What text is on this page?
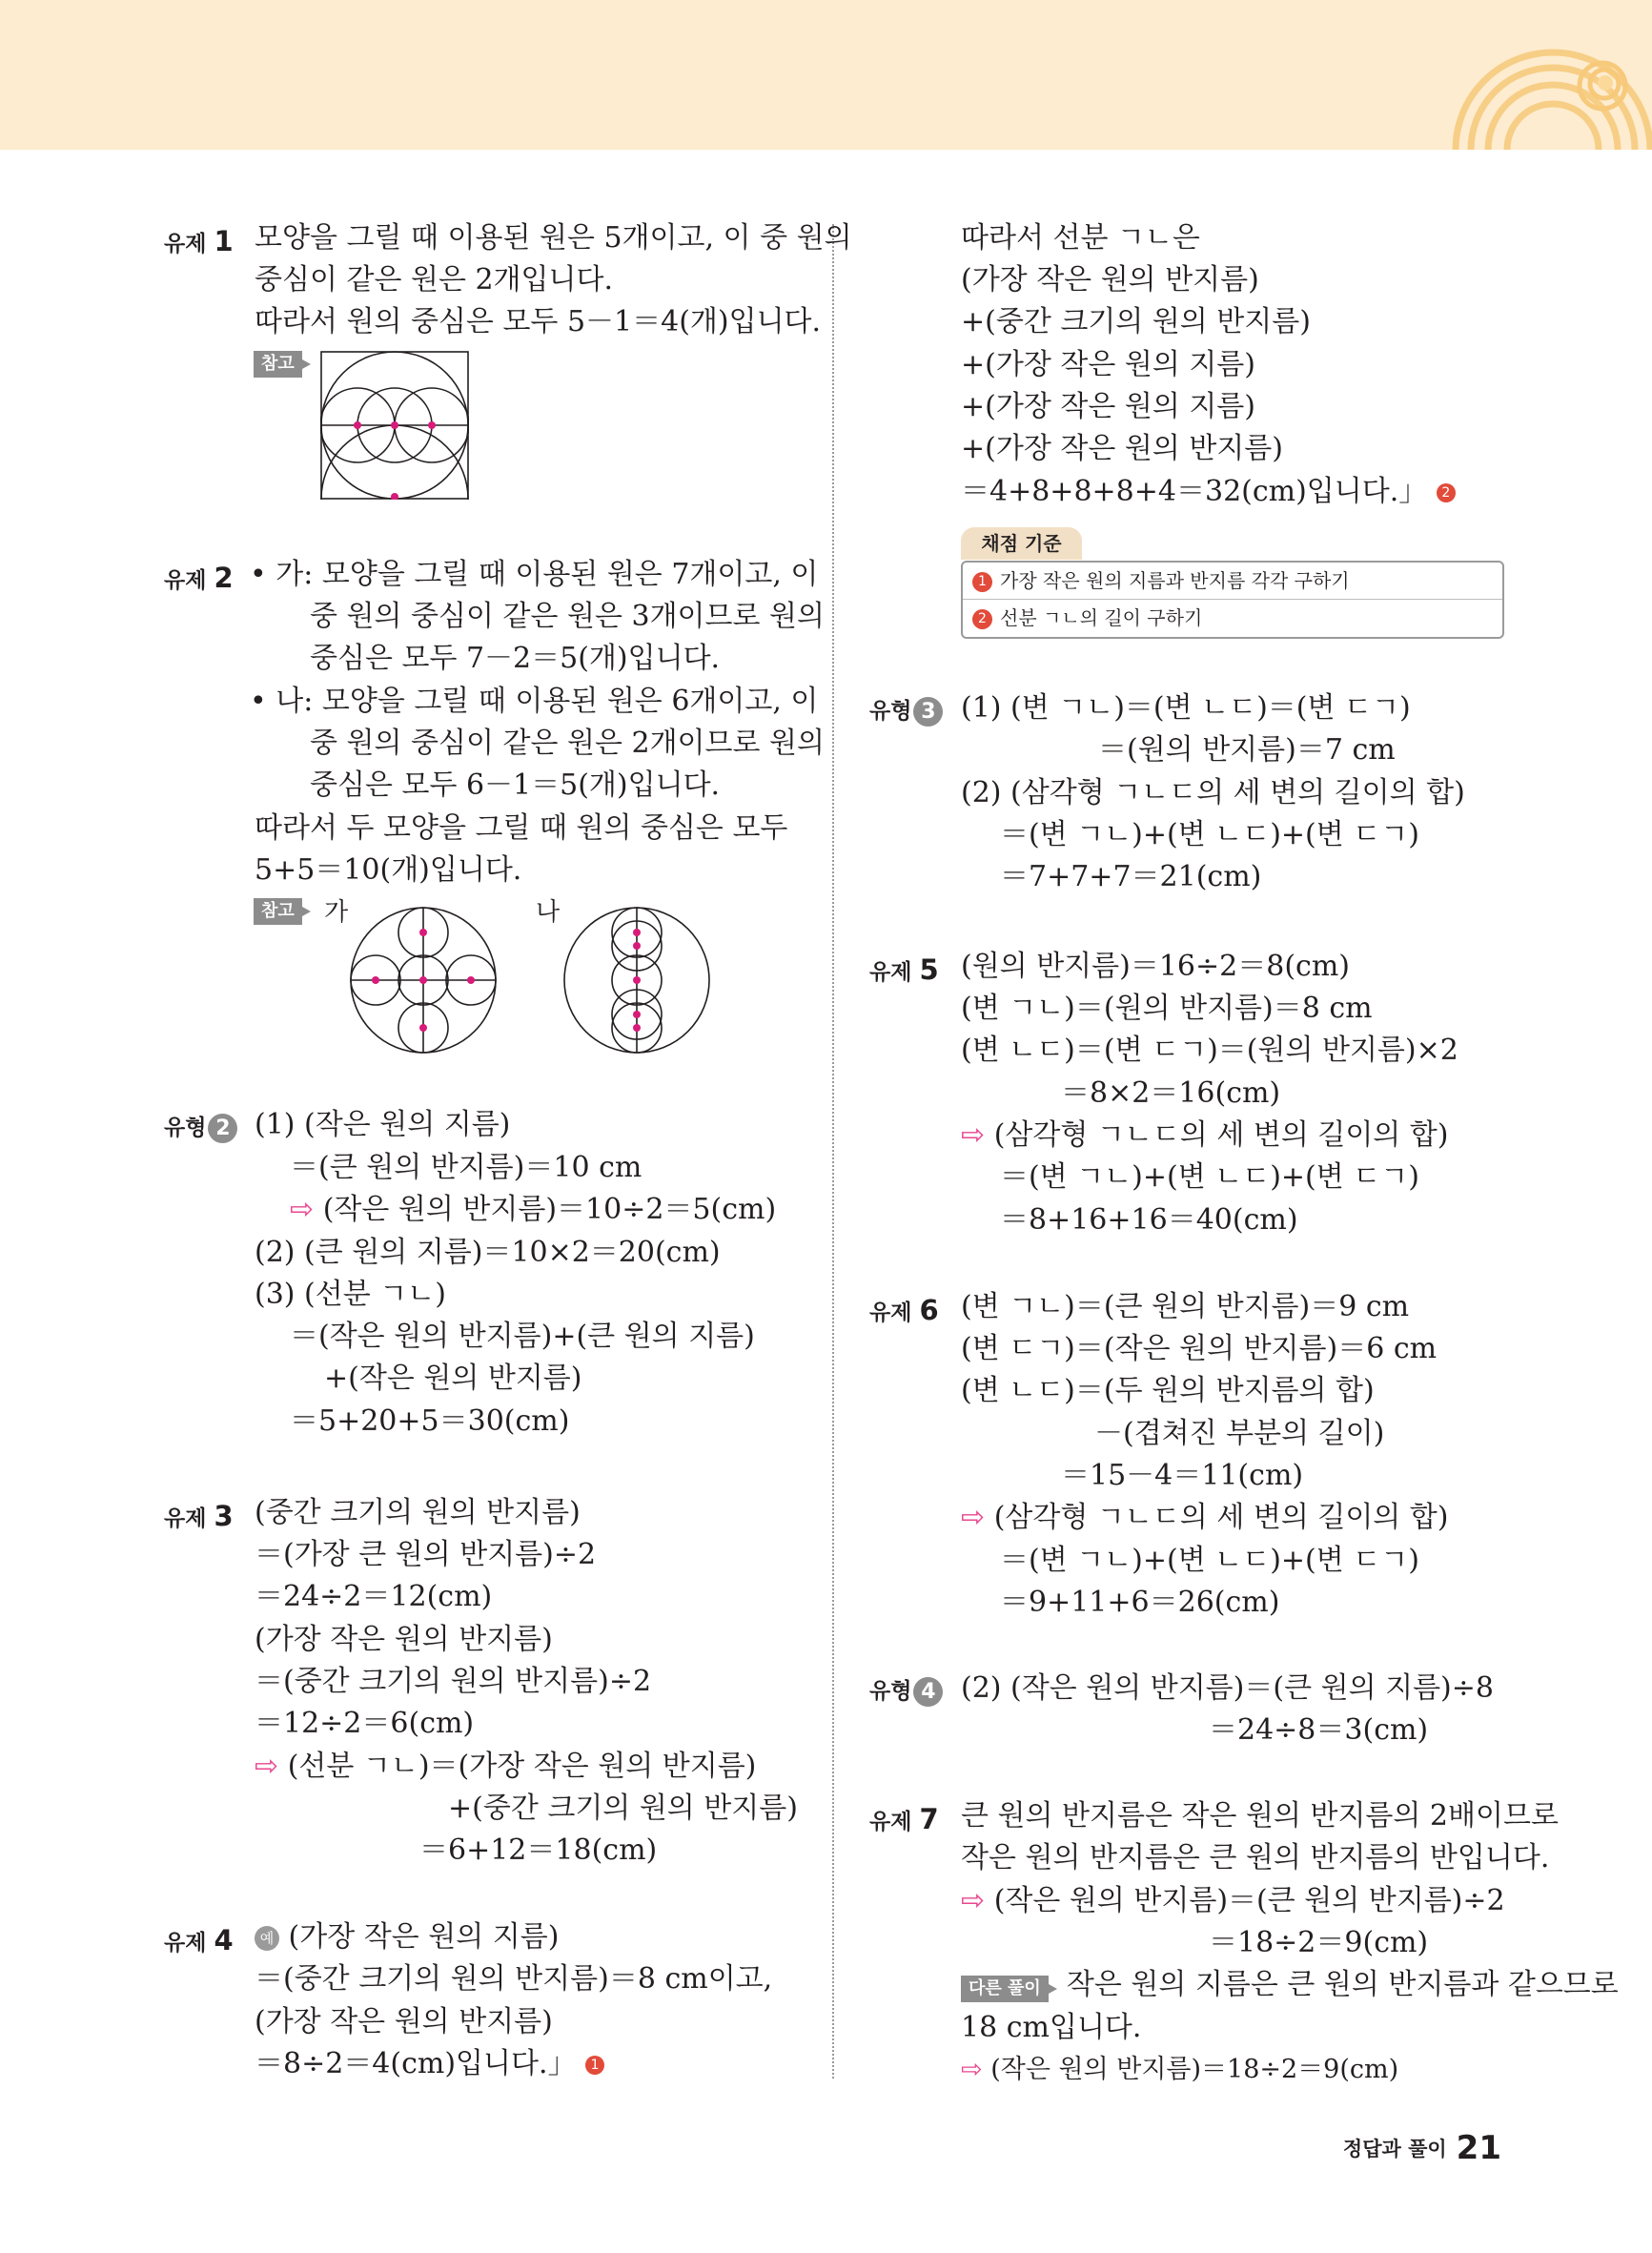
유제 1 모양을 그릴 때 이용된 원은 5개이고, 이 중 원의
중심이 같은 원은 2개입니다.
따라서 원의 중심은 모두 5－1＝4(개)입니다.
참고
유제 2 • 가: 모양을 그릴 때 이용된 원은 7개이고, 이
중 원의 중심이 같은 원은 3개이므로 원의
중심은 모두 7－2＝5(개)입니다.
• 나: 모양을 그릴 때 이용된 원은 6개이고, 이
중 원의 중심이 같은 원은 2개이므로 원의
중심은 모두 6－1＝5(개)입니다.
따라서 두 모양을 그릴 때 원의 중심은 모두
5+5＝10(개)입니다.
참고	가	나
유형 2 (1) (작은 원의 지름)
＝(큰 원의 반지름)＝10 cm
⇨ (작은 원의 반지름)＝10÷2＝5(cm)
(2) (큰 원의 지름)＝10×2＝20(cm)
(3) (선분 ㄱㄴ)
＝(작은 원의 반지름)+(큰 원의 지름)
+(작은 원의 반지름)
＝5+20+5＝30(cm)
유제 3 (중간 크기의 원의 반지름)
＝(가장 큰 원의 반지름)÷2
＝24÷2＝12(cm)
(가장 작은 원의 반지름)
＝(중간 크기의 원의 반지름)÷2
＝12÷2＝6(cm)
⇨ (선분 ㄱㄴ)＝(가장 작은 원의 반지름)
+(중간 크기의 원의 반지름)
＝6+12＝18(cm)
유제 4	예 (가장 작은 원의 지름)
＝(중간 크기의 원의 반지름)＝8 cm이고,
(가장 작은 원의 반지름)
＝8÷2＝4(cm)입니다.」 1
따라서 선분 ㄱㄴ은
(가장 작은 원의 반지름)
+(중간 크기의 원의 반지름)
+(가장 작은 원의 지름)
+(가장 작은 원의 지름)
+(가장 작은 원의 반지름)
＝4+8+8+8+4＝32(cm)입니다.」 2
채점 기준
1 가장 작은 원의 지름과 반지름 각각 구하기
2 선분 ㄱㄴ의 길이 구하기
유형 3 (1) (변 ㄱㄴ)＝(변 ㄴㄷ)＝(변 ㄷㄱ)
＝(원의 반지름)＝7 cm
(2) (삼각형 ㄱㄴㄷ의 세 변의 길이의 합)
＝(변 ㄱㄴ)+(변 ㄴㄷ)+(변 ㄷㄱ)
＝7+7+7＝21(cm)
유제 5 (원의 반지름)＝16÷2＝8(cm)
(변 ㄱㄴ)＝(원의 반지름)＝8 cm
(변 ㄴㄷ)＝(변 ㄷㄱ)＝(원의 반지름)×2
＝8×2＝16(cm)
⇨ (삼각형 ㄱㄴㄷ의 세 변의 길이의 합)
＝(변 ㄱㄴ)+(변 ㄴㄷ)+(변 ㄷㄱ)
＝8+16+16＝40(cm)
유제 6 (변 ㄱㄴ)＝(큰 원의 반지름)＝9 cm
(변 ㄷㄱ)＝(작은 원의 반지름)＝6 cm
(변 ㄴㄷ)＝(두 원의 반지름의 합)
－(겹쳐진 부분의 길이)
＝15－4＝11(cm)
⇨ (삼각형 ㄱㄴㄷ의 세 변의 길이의 합)
＝(변 ㄱㄴ)+(변 ㄴㄷ)+(변 ㄷㄱ)
＝9+11+6＝26(cm)
유형 4 (2) (작은 원의 반지름)＝(큰 원의 지름)÷8
＝24÷8＝3(cm)
유제 7 큰 원의 반지름은 작은 원의 반지름의 2배이므로
작은 원의 반지름은 큰 원의 반지름의 반입니다.
⇨ (작은 원의 반지름)＝(큰 원의 반지름)÷2
＝18÷2＝9(cm)
다른 풀이 작은 원의 지름은 큰 원의 반지름과 같으므로
18 cm입니다.
⇨ (작은 원의 반지름)＝18÷2＝9(cm)
정답과 풀이 21
